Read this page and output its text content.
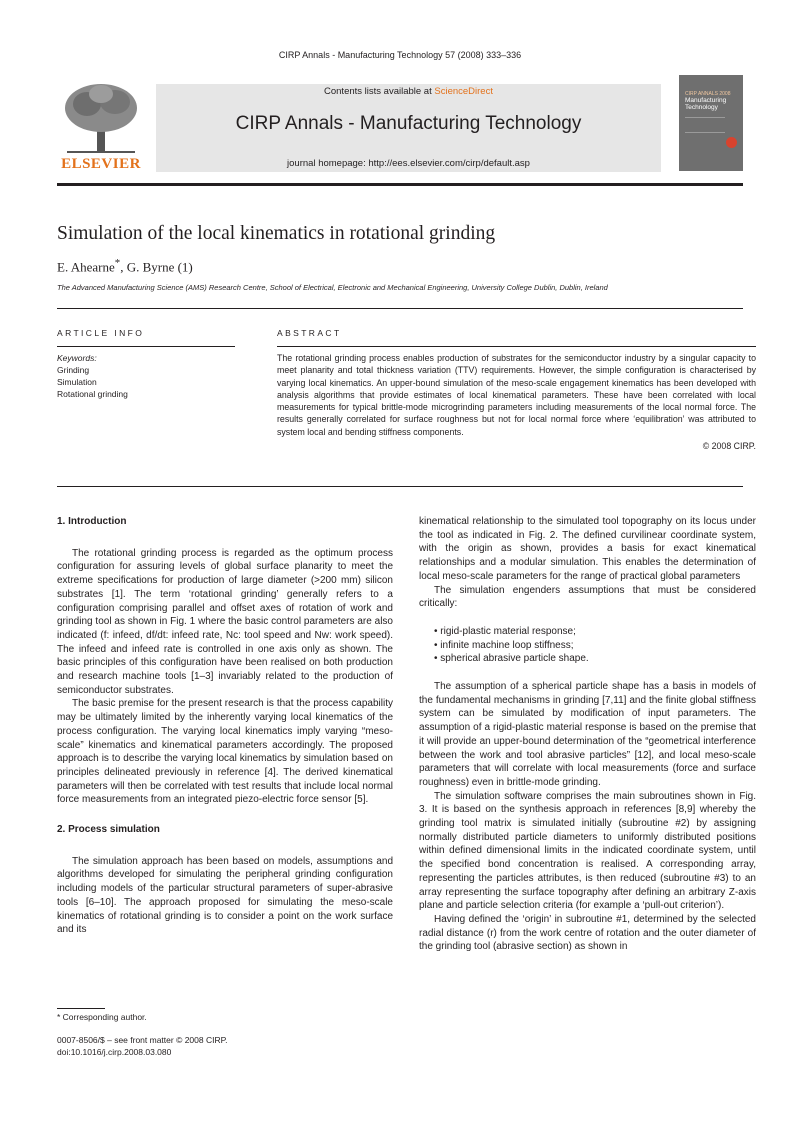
CIRP Annals - Manufacturing Technology 57 (2008) 333–336
ELSEVIER
Contents lists available at ScienceDirect
CIRP Annals - Manufacturing Technology
journal homepage: http://ees.elsevier.com/cirp/default.asp
CIRP ANNALS 2008
Manufacturing
Technology
Simulation of the local kinematics in rotational grinding
E. Ahearne*, G. Byrne (1)
The Advanced Manufacturing Science (AMS) Research Centre, School of Electrical, Electronic and Mechanical Engineering, University College Dublin, Dublin, Ireland
ARTICLE INFO
Keywords:
Grinding
Simulation
Rotational grinding
ABSTRACT
The rotational grinding process enables production of substrates for the semiconductor industry by a singular capacity to meet planarity and total thickness variation (TTV) requirements. However, the simple configuration is characterised by varying local kinematics. An upper-bound simulation of the meso-scale engagement kinematics has been developed with analysis algorithms that provide estimates of local kinematical parameters. These have been correlated with local measurements for typical brittle-mode microgrinding parameters including measurements of the local normal force. The results generally correlated for surface roughness but not for local normal force where ‘equilibration’ was attributed to system local and bending stiffness components.
© 2008 CIRP.
1. Introduction

The rotational grinding process is regarded as the optimum process configuration for assuring levels of global surface planarity to meet the extreme specifications for production of large diameter (>200 mm) silicon substrates [1]. The term ‘rotational grinding’ generally refers to a configuration comprising parallel and offset axes of rotation of work and grinding tool as shown in Fig. 1 where the basic control parameters are also indicated (f: infeed, df/dt: infeed rate, Nc: tool speed and Nw: work speed). The infeed and infeed rate is controlled in one axis only as shown. The basic principles of this configuration have been realised on both production and research machine tools [1–3] invariably related to the production of semiconductor substrates.

The basic premise for the present research is that the process capability may be ultimately limited by the inherently varying local kinematics of the process configuration. The varying local kinematics imply varying “meso-scale” kinematics and kinematical parameters accordingly. The proposed approach is to describe the varying local kinematics by simulation based on principles delineated previously in reference [4]. The derived kinematical parameters will then be correlated with test results that include local normal force measurements from an integrated piezo-electric force sensor [5].

2. Process simulation

The simulation approach has been based on models, assumptions and algorithms developed for simulating the peripheral grinding configuration including models of the particular structural parameters of super-abrasive tools [6–10]. The approach proposed for simulating the meso-scale kinematics of rotational grinding is to consider a point on the work surface and its

kinematical relationship to the simulated tool topography on its locus under the tool as indicated in Fig. 2. The defined curvilinear coordinate system, with the origin as shown, provides a basis for exact kinematical relationships and a modular simulation. This enables the determination of local meso-scale parameters for the range of practical global parameters

The simulation engenders assumptions that must be considered critically:

• rigid-plastic material response;

• infinite machine loop stiffness;

• spherical abrasive particle shape.

The assumption of a spherical particle shape has a basis in models of the fundamental mechanisms in grinding [7,11] and the finite global stiffness system can be simulated by modification of input parameters. The assumption of a rigid-plastic material response is based on the premise that it will provide an upper-bound determination of the “geometrical interference between the work and tool abrasive particles” [12], and local meso-scale parameters that will correlate with local measurements (force and surface roughness) even in brittle-mode grinding.

The simulation software comprises the main subroutines shown in Fig. 3. It is based on the synthesis approach in references [8,9] whereby the grinding tool matrix is simulated initially (subroutine #2) by assigning normally distributed particle diameters to uniformly distributed positions within defined dimensional limits in the indicated coordinate system, until the specified bond concentration is realised. A corresponding array, representing the particles attributes, is then reduced (subroutine #3) to an array representing the surface topography after defining an arbitrary Z-axis plane and particle selection criteria (for example a ‘pull-out criterion’).

Having defined the ‘origin’ in subroutine #1, determined by the selected radial distance (r) from the work centre of rotation and the outer diameter of the grinding tool (abrasive section) as shown in

* Corresponding author.
0007-8506/$ – see front matter © 2008 CIRP.
doi:10.1016/j.cirp.2008.03.080
